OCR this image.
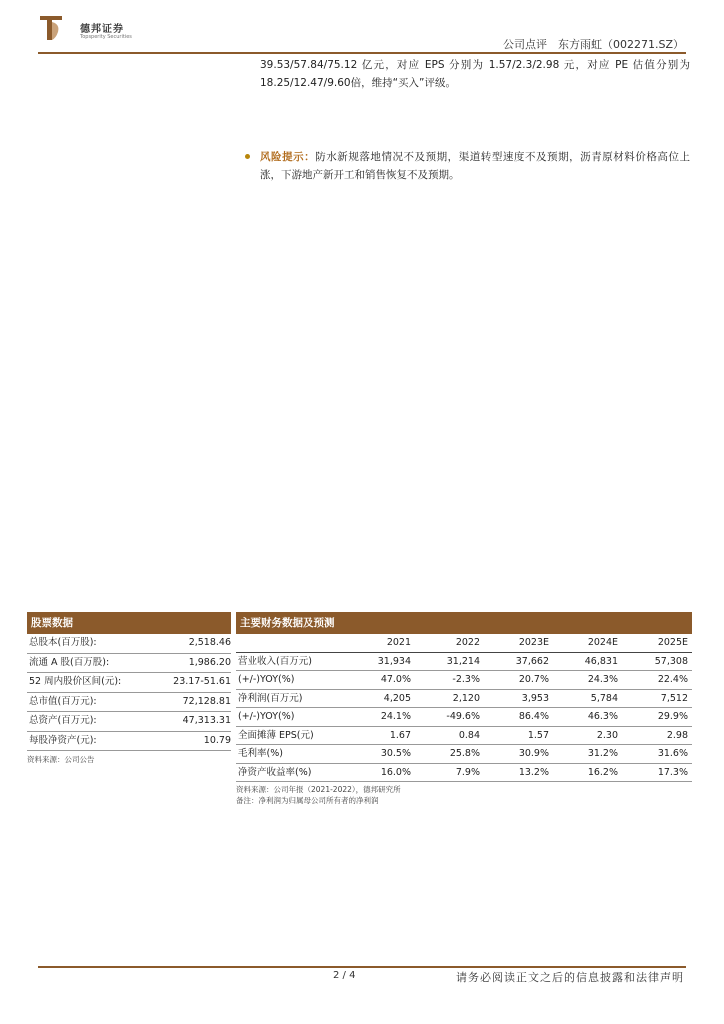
德邦证券
Topsperity Securities
公司点评　东方雨虹（002271.SZ）
39.53/57.84/75.12 亿元，对应 EPS 分别为 1.57/2.3/2.98 元，对应 PE 估值分别为 18.25/12.47/9.60倍，维持“买入”评级。
风险提示：防水新规落地情况不及预期，渠道转型速度不及预期，沥青原材料价格高位上涨，下游地产新开工和销售恢复不及预期。
股票数据
总股本(百万股):	2,518.46
流通 A 股(百万股):	1,986.20
52 周内股价区间(元):	23.17-51.61
总市值(百万元):	72,128.81
总资产(百万元):	47,313.31
每股净资产(元):	10.79
资料来源：公司公告
主要财务数据及预测
2021	2022	2023E	2024E	2025E
营业收入(百万元)	31,934	31,214	37,662	46,831	57,308
(+/-)YOY(%)	47.0%	-2.3%	20.7%	24.3%	22.4%
净利润(百万元)	4,205	2,120	3,953	5,784	7,512
(+/-)YOY(%)	24.1%	-49.6%	86.4%	46.3%	29.9%
全面摊薄 EPS(元)	1.67	0.84	1.57	2.30	2.98
毛利率(%)	30.5%	25.8%	30.9%	31.2%	31.6%
净资产收益率(%)	16.0%	7.9%	13.2%	16.2%	17.3%
资料来源：公司年报（2021-2022），德邦研究所
备注：净利润为归属母公司所有者的净利润
2 / 4	请务必阅读正文之后的信息披露和法律声明
